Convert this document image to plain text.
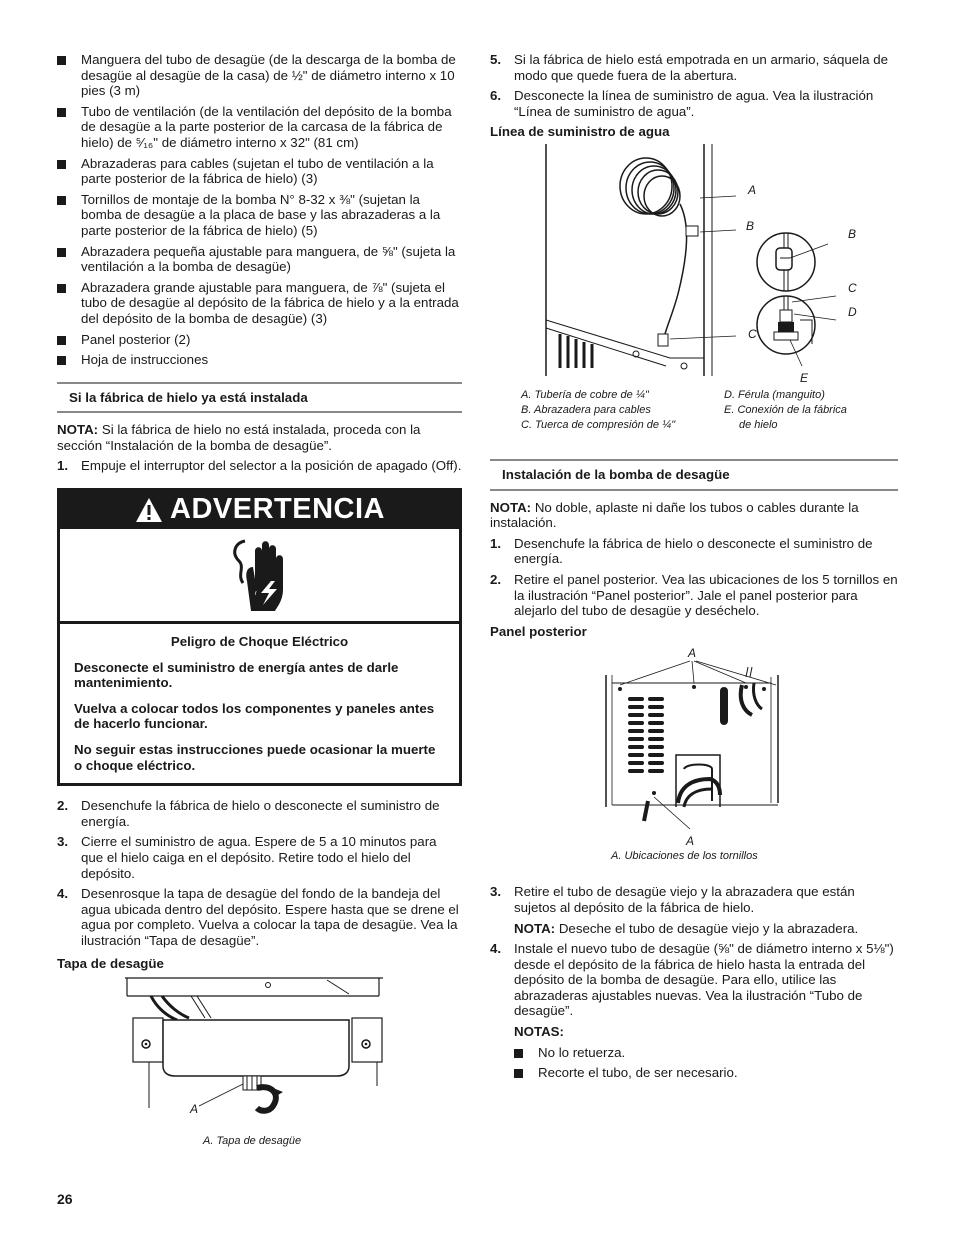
Manguera del tubo de desagüe (de la descarga de la bomba de desagüe al desagüe de la casa) de ½" de diámetro interno x 10 pies (3 m)
Tubo de ventilación (de la ventilación del depósito de la bomba de desagüe a la parte posterior de la carcasa de la fábrica de hielo) de ⁵⁄₁₆" de diámetro interno x 32" (81 cm)
Abrazaderas para cables (sujetan el tubo de ventilación a la parte posterior de la fábrica de hielo) (3)
Tornillos de montaje de la bomba N° 8-32 x ⅜" (sujetan la bomba de desagüe a la placa de base y las abrazaderas a la parte posterior de la fábrica de hielo) (5)
Abrazadera pequeña ajustable para manguera, de ⅝" (sujeta la ventilación a la bomba de desagüe)
Abrazadera grande ajustable para manguera, de ⅞" (sujeta el tubo de desagüe al depósito de la fábrica de hielo y a la entrada del depósito de la bomba de desagüe) (3)
Panel posterior (2)
Hoja de instrucciones
Si la fábrica de hielo ya está instalada

NOTA: Si la fábrica de hielo no está instalada, proceda con la sección “Instalación de la bomba de desagüe”.

1. Empuje el interruptor del selector a la posición de apagado (Off).
ADVERTENCIA
r

Peligro de Choque Eléctrico

Desconecte el suministro de energía antes de darle mantenimiento.

Vuelva a colocar todos los componentes y paneles antes de hacerlo funcionar.

No seguir estas instrucciones puede ocasionar la muerte o choque eléctrico.

2. Desenchufe la fábrica de hielo o desconecte el suministro de energía.
3. Cierre el suministro de agua. Espere de 5 a 10 minutos para que el hielo caiga en el depósito. Retire todo el hielo del depósito.
4. Desenrosque la tapa de desagüe del fondo de la bandeja del agua ubicada dentro del depósito. Espere hasta que se drene el agua por completo. Vuelva a colocar la tapa de desagüe. Vea la ilustración “Tapa de desagüe”.

Tapa de desagüe

A
A. Tapa de desagüe
5. Si la fábrica de hielo está empotrada en un armario, sáquela de modo que quede fuera de la abertura.
6. Desconecte la línea de suministro de agua. Vea la ilustración “Línea de suministro de agua”.

Línea de suministro de agua

A
B
C
B
C
D
E
A. Tubería de cobre de ¼"
B. Abrazadera para cables
C. Tuerca de compresión de ¼"
D. Férula (manguito)
E. Conexión de la fábrica
de hielo
Instalación de la bomba de desagüe

NOTA: No doble, aplaste ni dañe los tubos o cables durante la instalación.

1. Desenchufe la fábrica de hielo o desconecte el suministro de energía.
2. Retire el panel posterior. Vea las ubicaciones de los 5 tornillos en la ilustración “Panel posterior”. Jale el panel posterior para alejarlo del tubo de desagüe y deséchelo.

Panel posterior

A
A
A. Ubicaciones de los tornillos
3. Retire el tubo de desagüe viejo y la abrazadera que están sujetos al depósito de la fábrica de hielo.

NOTA: Deseche el tubo de desagüe viejo y la abrazadera.

4. Instale el nuevo tubo de desagüe (⅝" de diámetro interno x 5⅛") desde el depósito de la fábrica de hielo hasta la entrada del depósito de la bomba de desagüe. Para ello, utilice las abrazaderas ajustables nuevas. Vea la ilustración “Tubo de desagüe”.

NOTAS:

No lo retuerza.
Recorte el tubo, de ser necesario.
26
